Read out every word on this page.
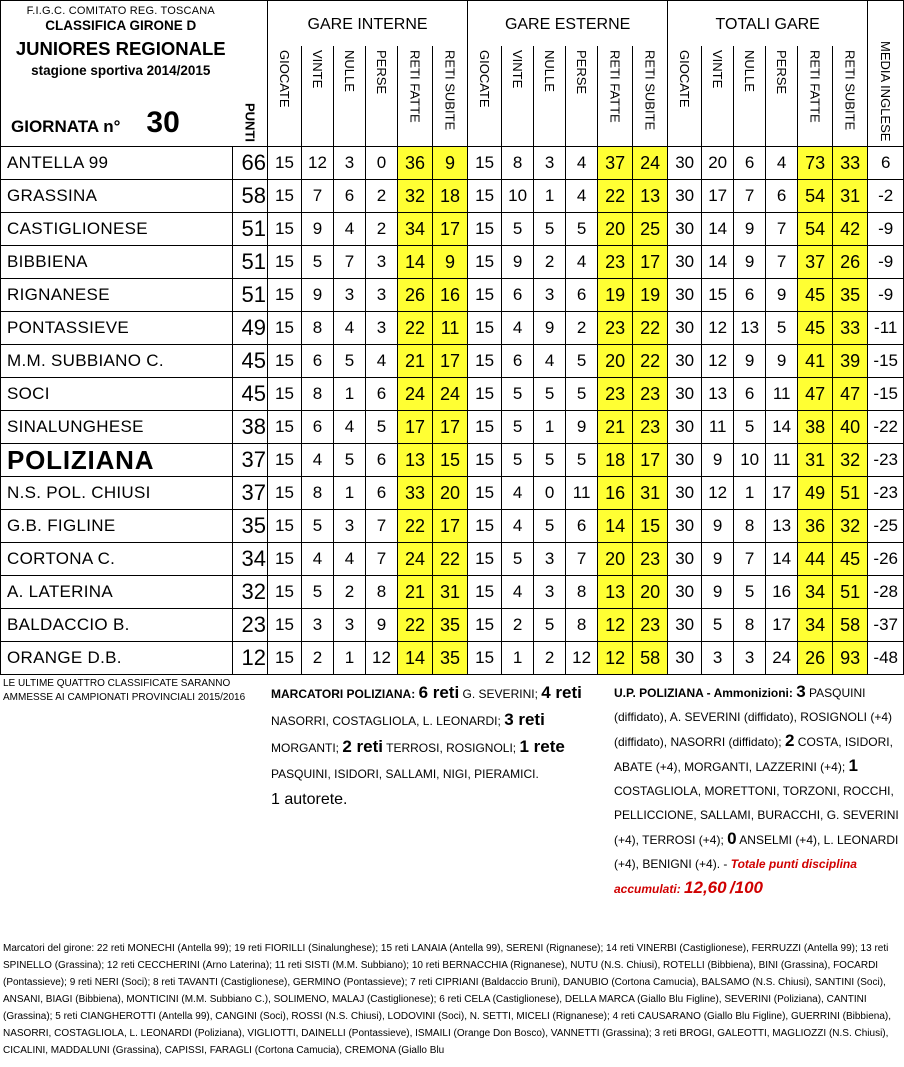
F.I.G.C. COMITATO REG. TOSCANA
CLASSIFICA GIRONE D
JUNIORES REGIONALE
stagione sportiva 2014/2015
GIORNATA n° 30	PUNTI	GARE INTERNE						GARE ESTERNE						TOTALI GARE						MEDIA INGLESE

		GIOCATE	VINTE	NULLE	PERSE	RETI FATTE	RETI SUBITE	GIOCATE	VINTE	NULLE	PERSE	RETI FATTE	RETI SUBITE	GIOCATE	VINTE	NULLE	PERSE	RETI FATTE	RETI SUBITE	

ANTELLA 99	66	15	12	3	0	36	9	15	8	3	4	37	24	30	20	6	4	73	33	6
GRASSINA	58	15	7	6	2	32	18	15	10	1	4	22	13	30	17	7	6	54	31	-2
CASTIGLIONESE	51	15	9	4	2	34	17	15	5	5	5	20	25	30	14	9	7	54	42	-9
BIBBIENA	51	15	5	7	3	14	9	15	9	2	4	23	17	30	14	9	7	37	26	-9
RIGNANESE	51	15	9	3	3	26	16	15	6	3	6	19	19	30	15	6	9	45	35	-9
PONTASSIEVE	49	15	8	4	3	22	11	15	4	9	2	23	22	30	12	13	5	45	33	-11
M.M. SUBBIANO C.	45	15	6	5	4	21	17	15	6	4	5	20	22	30	12	9	9	41	39	-15
SOCI	45	15	8	1	6	24	24	15	5	5	5	23	23	30	13	6	11	47	47	-15
SINALUNGHESE	38	15	6	4	5	17	17	15	5	1	9	21	23	30	11	5	14	38	40	-22
POLIZIANA	37	15	4	5	6	13	15	15	5	5	5	18	17	30	9	10	11	31	32	-23
N.S. POL. CHIUSI	37	15	8	1	6	33	20	15	4	0	11	16	31	30	12	1	17	49	51	-23
G.B. FIGLINE	35	15	5	3	7	22	17	15	4	5	6	14	15	30	9	8	13	36	32	-25
CORTONA C.	34	15	4	4	7	24	22	15	5	3	7	20	23	30	9	7	14	44	45	-26
A. LATERINA	32	15	5	2	8	21	31	15	4	3	8	13	20	30	9	5	16	34	51	-28
BALDACCIO B.	23	15	3	3	9	22	35	15	2	5	8	12	23	30	5	8	17	34	58	-37
ORANGE D.B.	12	15	2	1	12	14	35	15	1	2	12	12	58	30	3	3	24	26	93	-48
LE ULTIME QUATTRO CLASSIFICATE SARANNO AMMESSE AI CAMPIONATI PROVINCIALI 2015/2016	MARCATORI POLIZIANA: 6 reti G. SEVERINI; 4 reti NASORRI, COSTAGLIOLA, L. LEONARDI; 3 reti MORGANTI; 2 reti TERROSI, ROSIGNOLI; 1 rete PASQUINI, ISIDORI, SALLAMI, NIGI, PIERAMICI.
1 autorete.
U.P. POLIZIANA - Ammonizioni: 3 PASQUINI (diffidato), A. SEVERINI (diffidato), ROSIGNOLI (+4) (diffidato), NASORRI (diffidato); 2 COSTA, ISIDORI, ABATE (+4), MORGANTI, LAZZERINI (+4); 1 COSTAGLIOLA, MORETTONI, TORZONI, ROCCHI, PELLICCIONE, SALLAMI, BURACCHI, G. SEVERINI (+4), TERROSI (+4); 0 ANSELMI (+4), L. LEONARDI (+4), BENIGNI (+4). - Totale punti disciplina accumulati: 12,60 /100
Marcatori del girone: 22 reti MONECHI (Antella 99); 19 reti FIORILLI (Sinalunghese); 15 reti LANAIA (Antella 99), SERENI (Rignanese); 14 reti VINERBI (Castiglionese), FERRUZZI (Antella 99); 13 reti SPINELLO (Grassina); 12 reti CECCHERINI (Arno Laterina); 11 reti SISTI (M.M. Subbiano); 10 reti BERNACCHIA (Rignanese), NUTU (N.S. Chiusi), ROTELLI (Bibbiena), BINI (Grassina), FOCARDI (Pontassieve); 9 reti NERI (Soci); 8 reti TAVANTI (Castiglionese), GERMINO (Pontassieve); 7 reti CIPRIANI (Baldaccio Bruni), DANUBIO (Cortona Camucia), BALSAMO (N.S. Chiusi), SANTINI (Soci), ANSANI, BIAGI (Bibbiena), MONTICINI (M.M. Subbiano C.), SOLIMENO, MALAJ (Castiglionese); 6 reti CELA (Castiglionese), DELLA MARCA (Giallo Blu Figline), SEVERINI (Poliziana), CANTINI (Grassina); 5 reti CIANGHEROTTI (Antella 99), CANGINI (Soci), ROSSI (N.S. Chiusi), LODOVINI (Soci), N. SETTI, MICELI (Rignanese); 4 reti CAUSARANO (Giallo Blu Figline), GUERRINI (Bibbiena), NASORRI, COSTAGLIOLA, L. LEONARDI (Poliziana), VIGLIOTTI, DAINELLI (Pontassieve), ISMAILI (Orange Don Bosco), VANNETTI (Grassina); 3 reti BROGI, GALEOTTI, MAGLIOZZI (N.S. Chiusi), CICALINI, MADDALUNI (Grassina), CAPISSI, FARAGLI (Cortona Camucia), CREMONA (Giallo Blu
